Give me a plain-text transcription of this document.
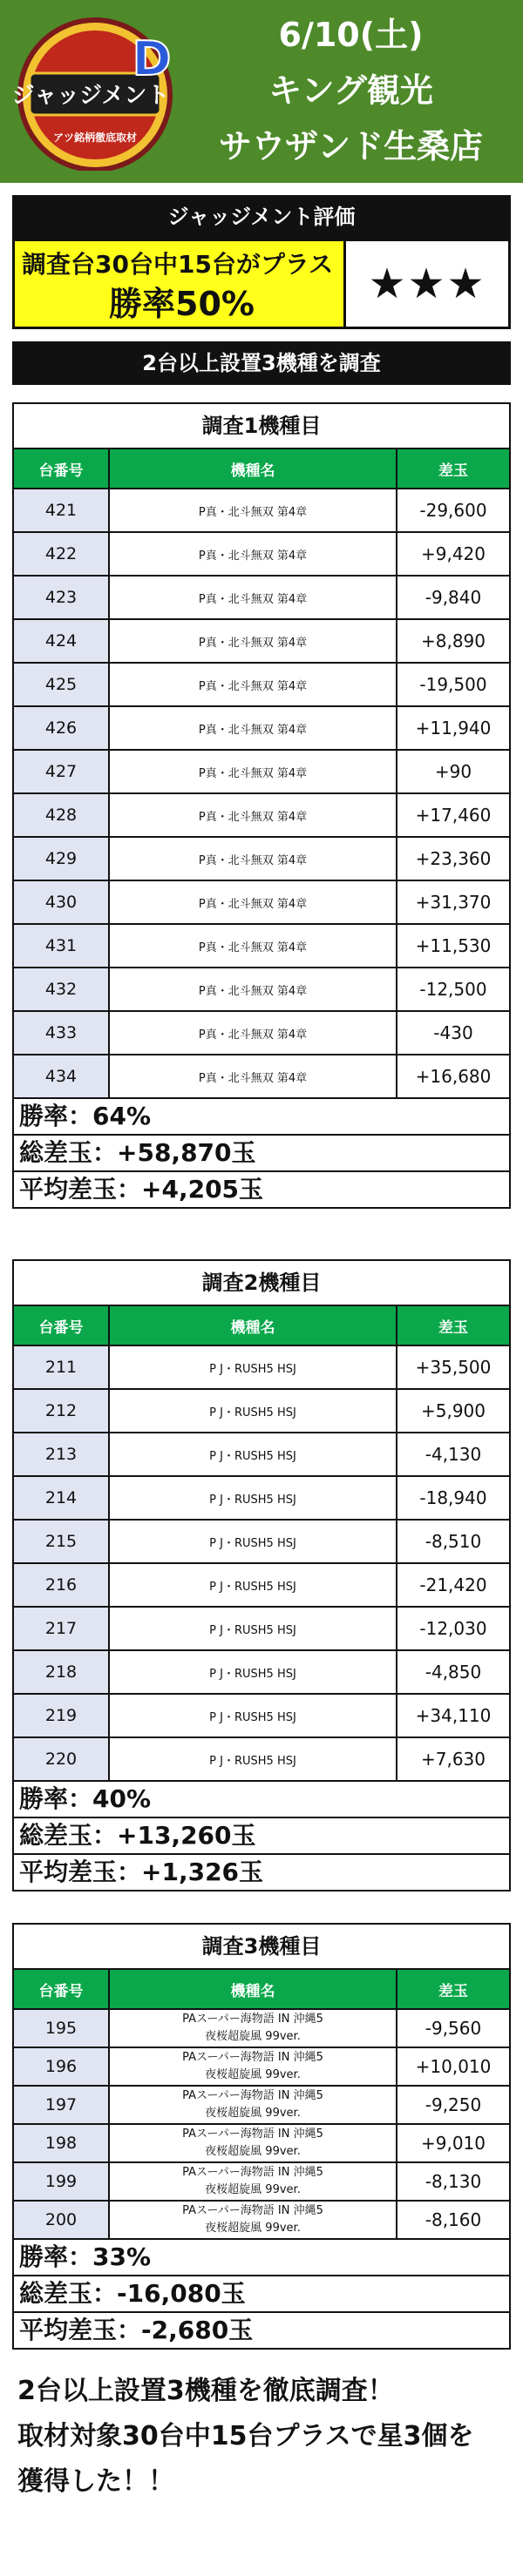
ジャッジメント
アツ銘柄徹底取材
D	6/10(土)
キング観光
サウザンド生桑店
ジャッジメント評価
調査台30台中15台がプラス
勝率50%	★★★
2台以上設置3機種を調査
調査1機種目
台番号	機種名	差玉
421	P真・北斗無双 第4章	-29,600
422	P真・北斗無双 第4章	+9,420
423	P真・北斗無双 第4章	-9,840
424	P真・北斗無双 第4章	+8,890
425	P真・北斗無双 第4章	-19,500
426	P真・北斗無双 第4章	+11,940
427	P真・北斗無双 第4章	+90
428	P真・北斗無双 第4章	+17,460
429	P真・北斗無双 第4章	+23,360
430	P真・北斗無双 第4章	+31,370
431	P真・北斗無双 第4章	+11,530
432	P真・北斗無双 第4章	-12,500
433	P真・北斗無双 第4章	-430
434	P真・北斗無双 第4章	+16,680
勝率：64%
総差玉：+58,870玉
平均差玉：+4,205玉
調査2機種目
台番号	機種名	差玉
211	P J・RUSH5 HSJ	+35,500
212	P J・RUSH5 HSJ	+5,900
213	P J・RUSH5 HSJ	-4,130
214	P J・RUSH5 HSJ	-18,940
215	P J・RUSH5 HSJ	-8,510
216	P J・RUSH5 HSJ	-21,420
217	P J・RUSH5 HSJ	-12,030
218	P J・RUSH5 HSJ	-4,850
219	P J・RUSH5 HSJ	+34,110
220	P J・RUSH5 HSJ	+7,630
勝率：40%
総差玉：+13,260玉
平均差玉：+1,326玉
調査3機種目
台番号	機種名	差玉
195	PAスーパー海物語 IN 沖縄5
夜桜超旋風 99ver.	-9,560
196	PAスーパー海物語 IN 沖縄5
夜桜超旋風 99ver.	+10,010
197	PAスーパー海物語 IN 沖縄5
夜桜超旋風 99ver.	-9,250
198	PAスーパー海物語 IN 沖縄5
夜桜超旋風 99ver.	+9,010
199	PAスーパー海物語 IN 沖縄5
夜桜超旋風 99ver.	-8,130
200	PAスーパー海物語 IN 沖縄5
夜桜超旋風 99ver.	-8,160
勝率：33%
総差玉：-16,080玉
平均差玉：-2,680玉
2台以上設置3機種を徹底調査！
取材対象30台中15台プラスで星3個を
獲得した！！
